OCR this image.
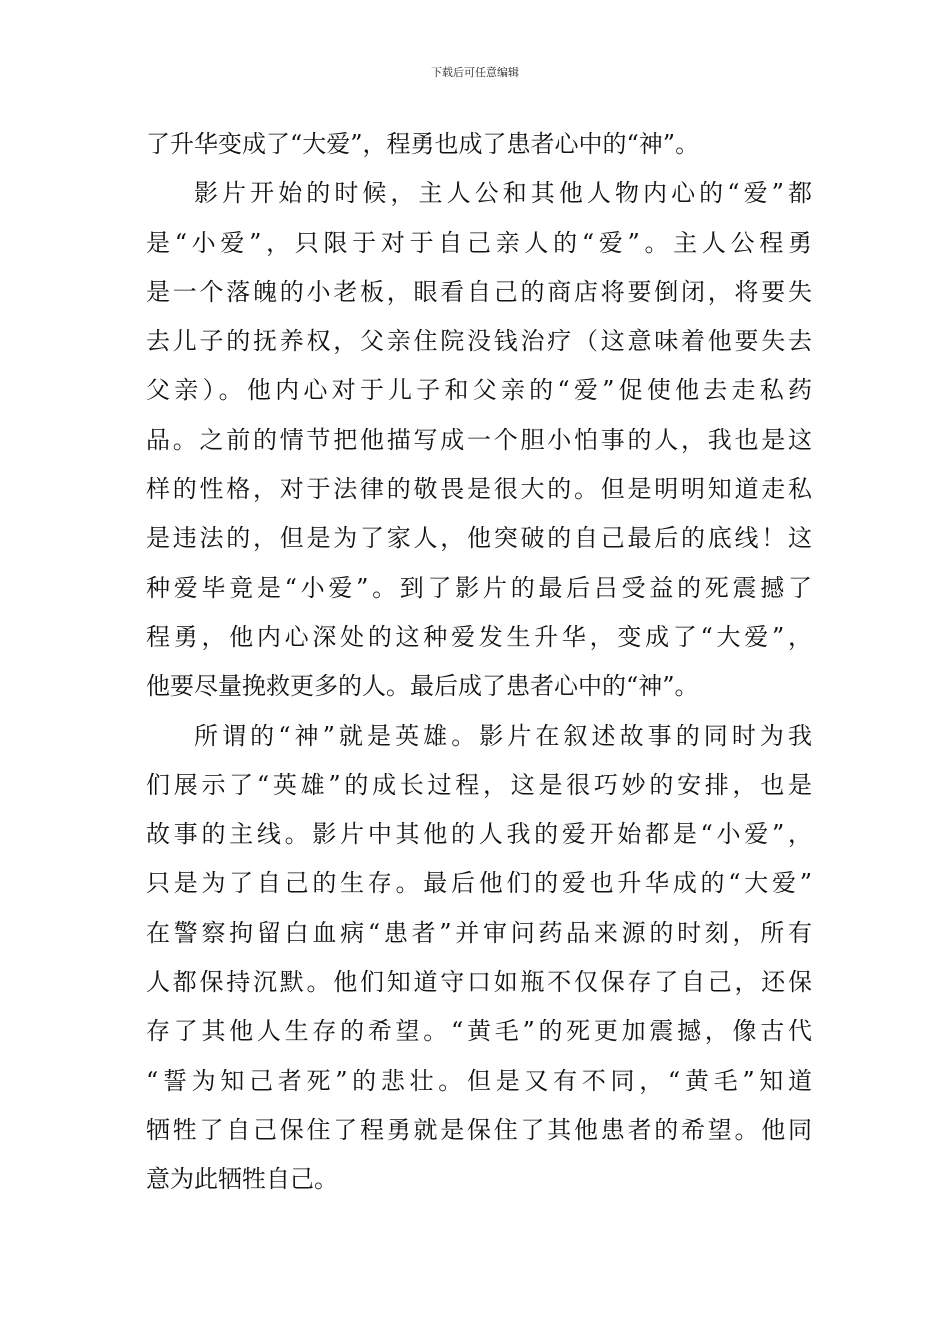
下载后可任意编辑
了升华变成了“大爱”，程勇也成了患者心中的“神”。
影片开始的时候，主人公和其他人物内心的“爱”都
是“小爱”，只限于对于自己亲人的“爱”。主人公程勇
是一个落魄的小老板，眼看自己的商店将要倒闭，将要失
去儿子的抚养权，父亲住院没钱治疗（这意味着他要失去
父亲）。他内心对于儿子和父亲的“爱”促使他去走私药
品。之前的情节把他描写成一个胆小怕事的人，我也是这
样的性格，对于法律的敬畏是很大的。但是明明知道走私
是违法的，但是为了家人，他突破的自己最后的底线！这
种爱毕竟是“小爱”。到了影片的最后吕受益的死震撼了
程勇，他内心深处的这种爱发生升华，变成了“大爱”，
他要尽量挽救更多的人。最后成了患者心中的“神”。
所谓的“神”就是英雄。影片在叙述故事的同时为我
们展示了“英雄”的成长过程，这是很巧妙的安排，也是
故事的主线。影片中其他的人我的爱开始都是“小爱”，
只是为了自己的生存。最后他们的爱也升华成的“大爱”
在警察拘留白血病“患者”并审问药品来源的时刻，所有
人都保持沉默。他们知道守口如瓶不仅保存了自己，还保
存了其他人生存的希望。“黄毛”的死更加震撼，像古代
“誓为知己者死”的悲壮。但是又有不同，“黄毛”知道
牺牲了自己保住了程勇就是保住了其他患者的希望。他同
意为此牺牲自己。
